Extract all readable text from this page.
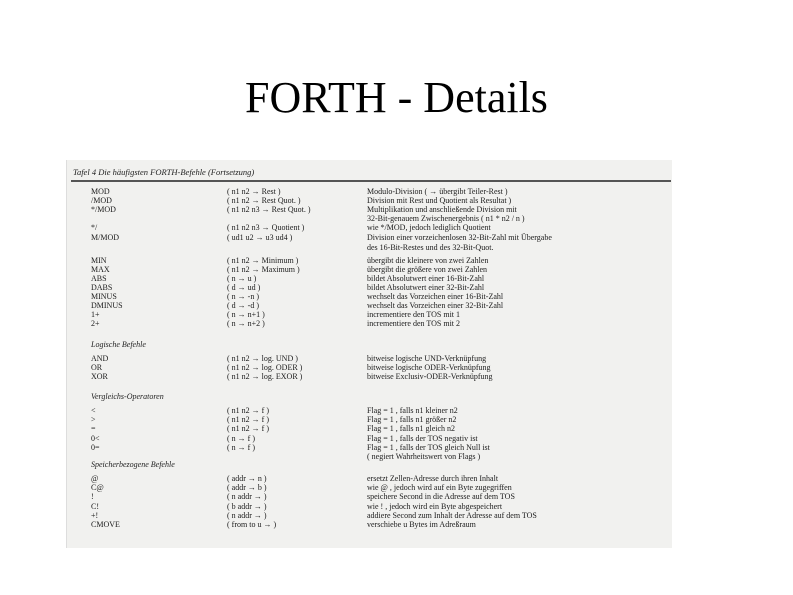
FORTH - Details
Tafel 4 Die häufigsten FORTH-Befehle (Fortsetzung)
MOD	( n1 n2 → Rest )	Modulo-Division ( → übergibt Teiler-Rest )
/MOD	( n1 n2 → Rest Quot. )	Division mit Rest und Quotient als Resultat )
*/MOD	( n1 n2 n3 → Rest Quot. )	Multiplikation und anschließende Division mit
32-Bit-genauem Zwischenergebnis ( n1 * n2 / n )
*/	( n1 n2 n3 → Quotient )	wie */MOD, jedoch lediglich Quotient
M/MOD	( ud1 u2 → u3 ud4 )	Division einer vorzeichenlosen 32-Bit-Zahl mit Übergabe
des 16-Bit-Restes und des 32-Bit-Quot.
MIN	( n1 n2 → Minimum )	übergibt die kleinere von zwei Zahlen
MAX	( n1 n2 → Maximum )	übergibt die größere von zwei Zahlen
ABS	( n → u )	bildet Absolutwert einer 16-Bit-Zahl
DABS	( d → ud )	bildet Absolutwert einer 32-Bit-Zahl
MINUS	( n → -n )	wechselt das Vorzeichen einer 16-Bit-Zahl
DMINUS	( d → -d )	wechselt das Vorzeichen einer 32-Bit-Zahl
1+	( n → n+1 )	incrementiere den TOS mit 1
2+	( n → n+2 )	incrementiere den TOS mit 2
Logische Befehle
AND	( n1 n2 → log. UND )	bitweise logische UND-Verknüpfung
OR	( n1 n2 → log. ODER )	bitweise logische ODER-Verknüpfung
XOR	( n1 n2 → log. EXOR )	bitweise Exclusiv-ODER-Verknüpfung
Vergleichs-Operatoren
<	( n1 n2 → f )	Flag = 1 , falls n1 kleiner n2
>	( n1 n2 → f )	Flag = 1 , falls n1 größer n2
=	( n1 n2 → f )	Flag = 1 , falls n1 gleich n2
0<	( n → f )	Flag = 1 , falls der TOS negativ ist
0=	( n → f )	Flag = 1 , falls der TOS gleich Null ist
( negiert Wahrheitswert von Flags )
Speicherbezogene Befehle
@	( addr → n )	ersetzt Zellen-Adresse durch ihren Inhalt
C@	( addr → b )	wie @ , jedoch wird auf ein Byte zugegriffen
!	( n addr → )	speichere Second in die Adresse auf dem TOS
C!	( b addr → )	wie ! , jedoch wird ein Byte abgespeichert
+!	( n addr → )	addiere Second zum Inhalt der Adresse auf dem TOS
CMOVE	( from to u → )	verschiebe u Bytes im Adreßraum
